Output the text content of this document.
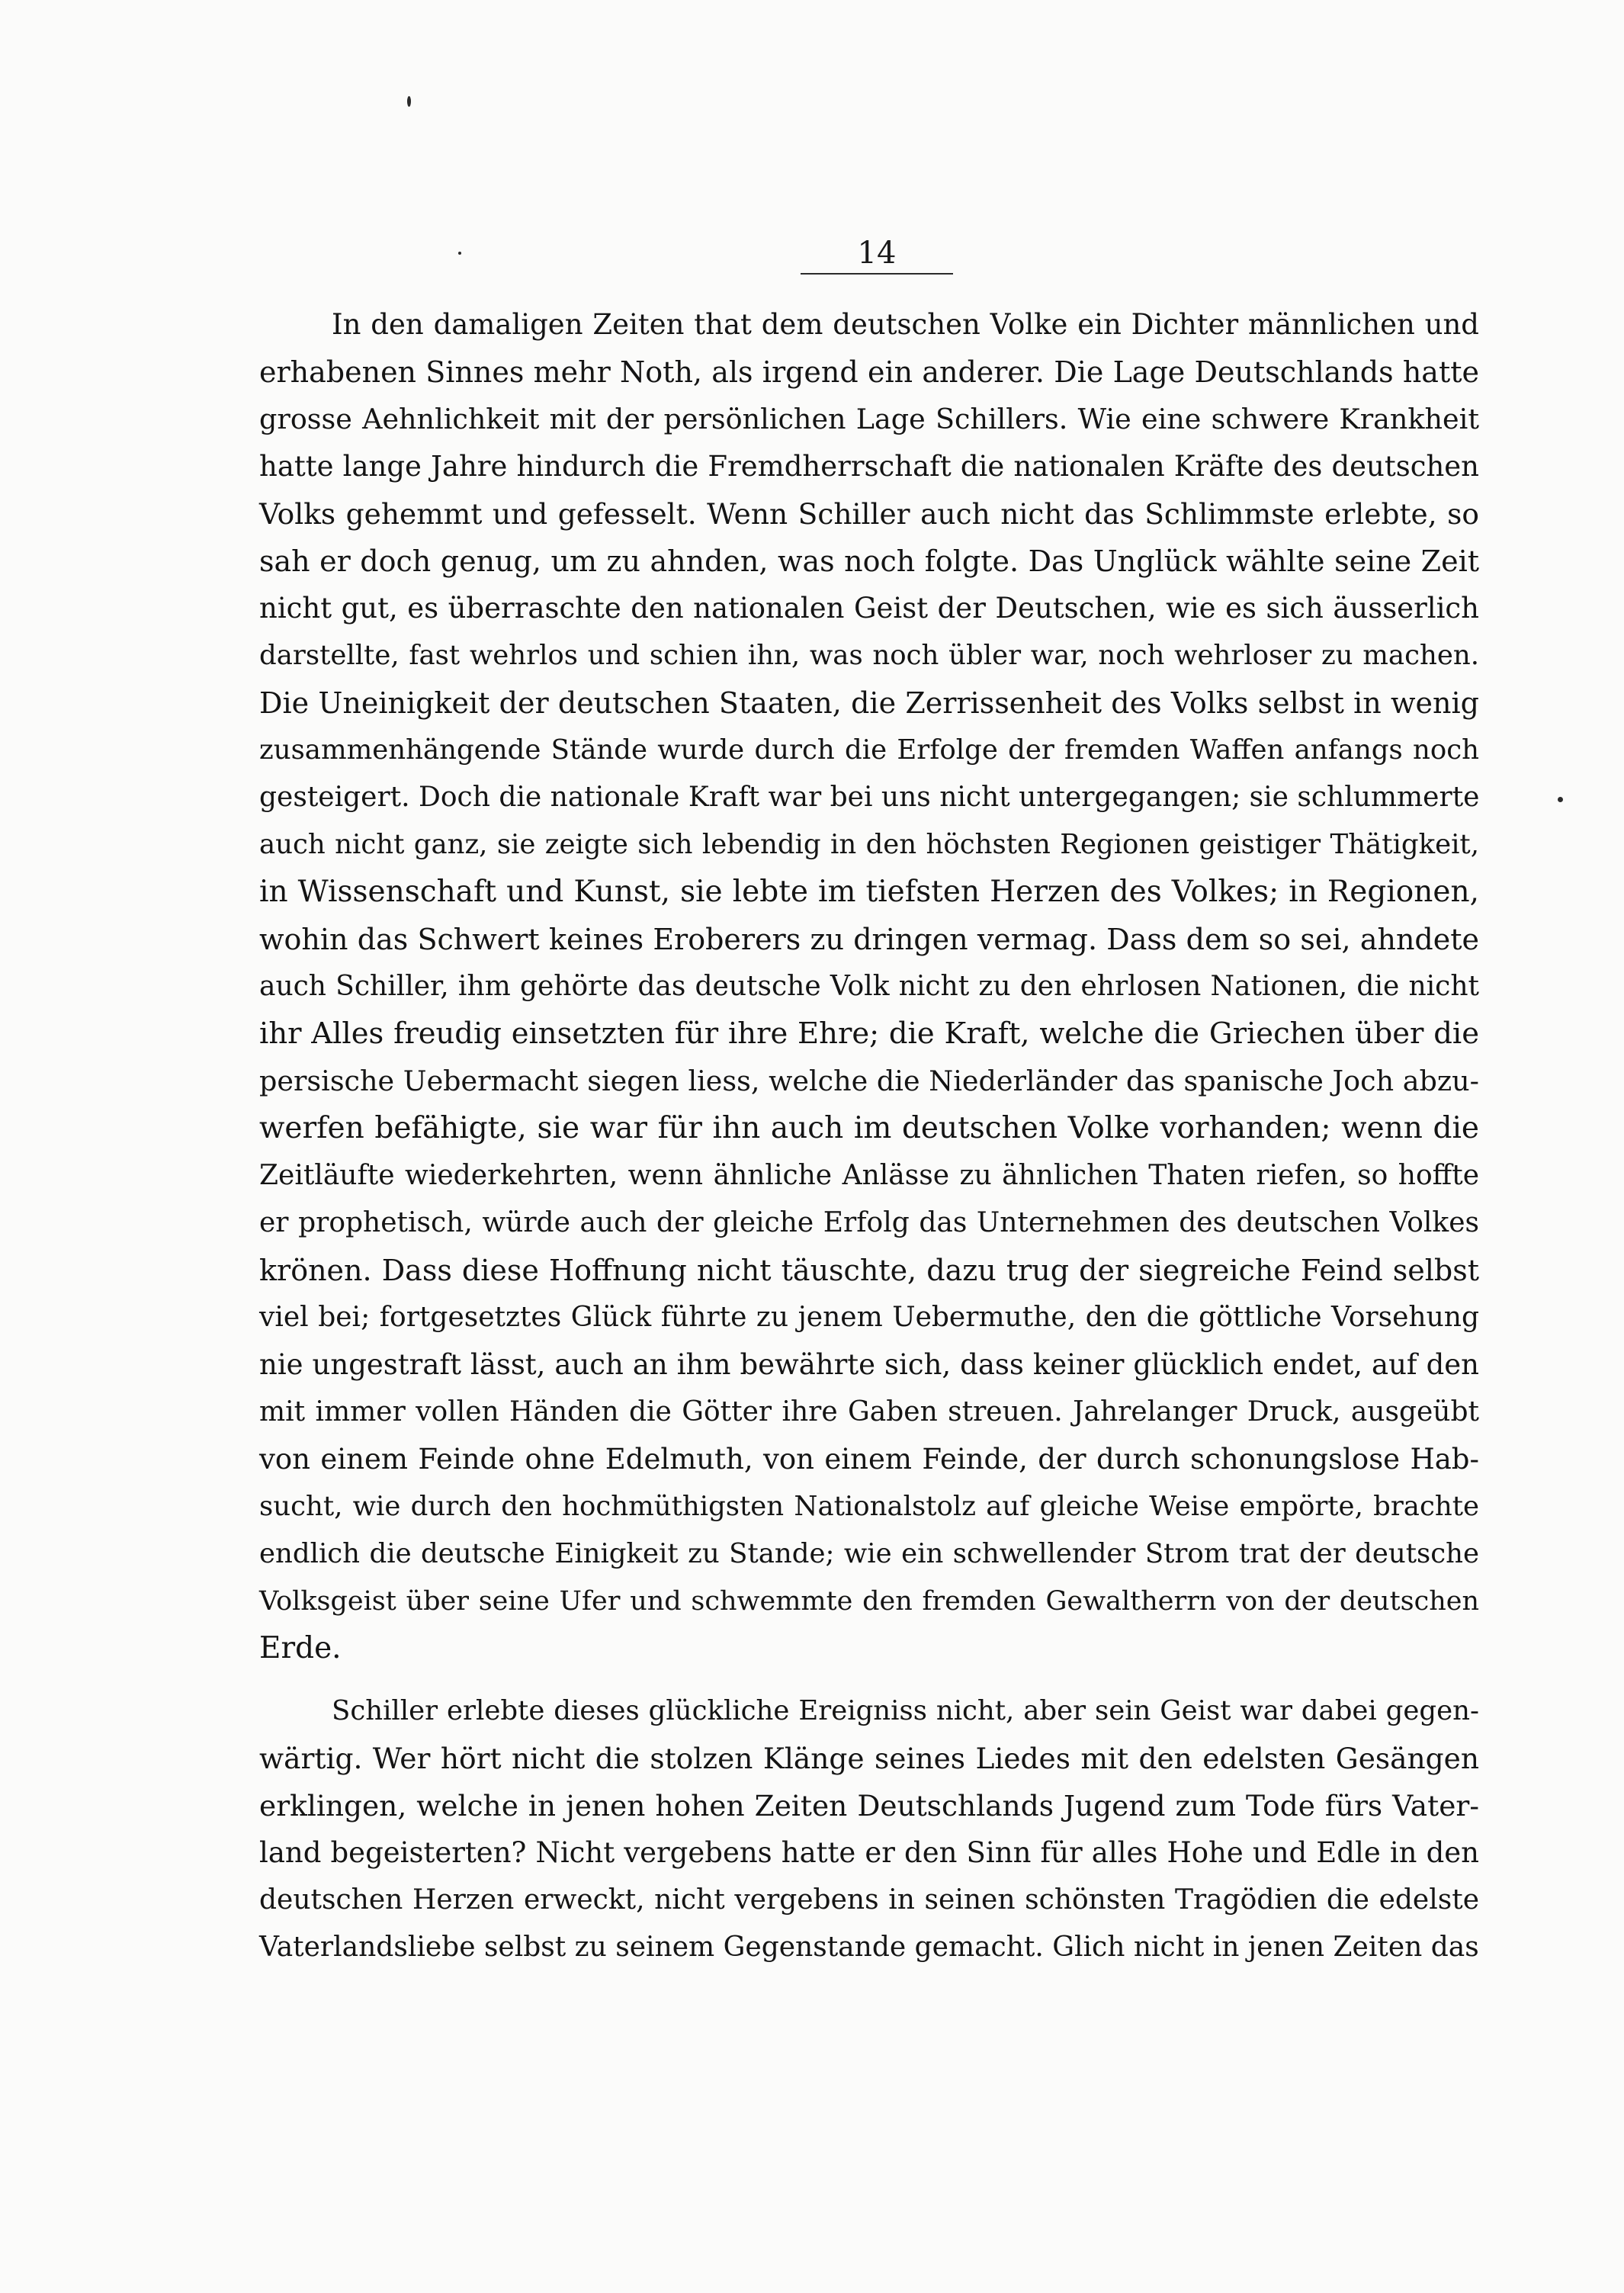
14
In den damaligen Zeiten that dem deutschen Volke ein Dichter männlichen und
erhabenen Sinnes mehr Noth, als irgend ein anderer. Die Lage Deutschlands hatte
grosse Aehnlichkeit mit der persönlichen Lage Schillers. Wie eine schwere Krankheit
hatte lange Jahre hindurch die Fremdherrschaft die nationalen Kräfte des deutschen
Volks gehemmt und gefesselt. Wenn Schiller auch nicht das Schlimmste erlebte, so
sah er doch genug, um zu ahnden, was noch folgte. Das Unglück wählte seine Zeit
nicht gut, es überraschte den nationalen Geist der Deutschen, wie es sich äusserlich
darstellte, fast wehrlos und schien ihn, was noch übler war, noch wehrloser zu machen.
Die Uneinigkeit der deutschen Staaten, die Zerrissenheit des Volks selbst in wenig
zusammenhängende Stände wurde durch die Erfolge der fremden Waffen anfangs noch
gesteigert. Doch die nationale Kraft war bei uns nicht untergegangen; sie schlummerte
auch nicht ganz, sie zeigte sich lebendig in den höchsten Regionen geistiger Thätigkeit,
in Wissenschaft und Kunst, sie lebte im tiefsten Herzen des Volkes; in Regionen,
wohin das Schwert keines Eroberers zu dringen vermag. Dass dem so sei, ahndete
auch Schiller, ihm gehörte das deutsche Volk nicht zu den ehrlosen Nationen, die nicht
ihr Alles freudig einsetzten für ihre Ehre; die Kraft, welche die Griechen über die
persische Uebermacht siegen liess, welche die Niederländer das spanische Joch abzu-
werfen befähigte, sie war für ihn auch im deutschen Volke vorhanden; wenn die
Zeitläufte wiederkehrten, wenn ähnliche Anlässe zu ähnlichen Thaten riefen, so hoffte
er prophetisch, würde auch der gleiche Erfolg das Unternehmen des deutschen Volkes
krönen. Dass diese Hoffnung nicht täuschte, dazu trug der siegreiche Feind selbst
viel bei; fortgesetztes Glück führte zu jenem Uebermuthe, den die göttliche Vorsehung
nie ungestraft lässt, auch an ihm bewährte sich, dass keiner glücklich endet, auf den
mit immer vollen Händen die Götter ihre Gaben streuen. Jahrelanger Druck, ausgeübt
von einem Feinde ohne Edelmuth, von einem Feinde, der durch schonungslose Hab-
sucht, wie durch den hochmüthigsten Nationalstolz auf gleiche Weise empörte, brachte
endlich die deutsche Einigkeit zu Stande; wie ein schwellender Strom trat der deutsche
Volksgeist über seine Ufer und schwemmte den fremden Gewaltherrn von der deutschen
Erde.
Schiller erlebte dieses glückliche Ereigniss nicht, aber sein Geist war dabei gegen-
wärtig. Wer hört nicht die stolzen Klänge seines Liedes mit den edelsten Gesängen
erklingen, welche in jenen hohen Zeiten Deutschlands Jugend zum Tode fürs Vater-
land begeisterten? Nicht vergebens hatte er den Sinn für alles Hohe und Edle in den
deutschen Herzen erweckt, nicht vergebens in seinen schönsten Tragödien die edelste
Vaterlandsliebe selbst zu seinem Gegenstande gemacht. Glich nicht in jenen Zeiten das
